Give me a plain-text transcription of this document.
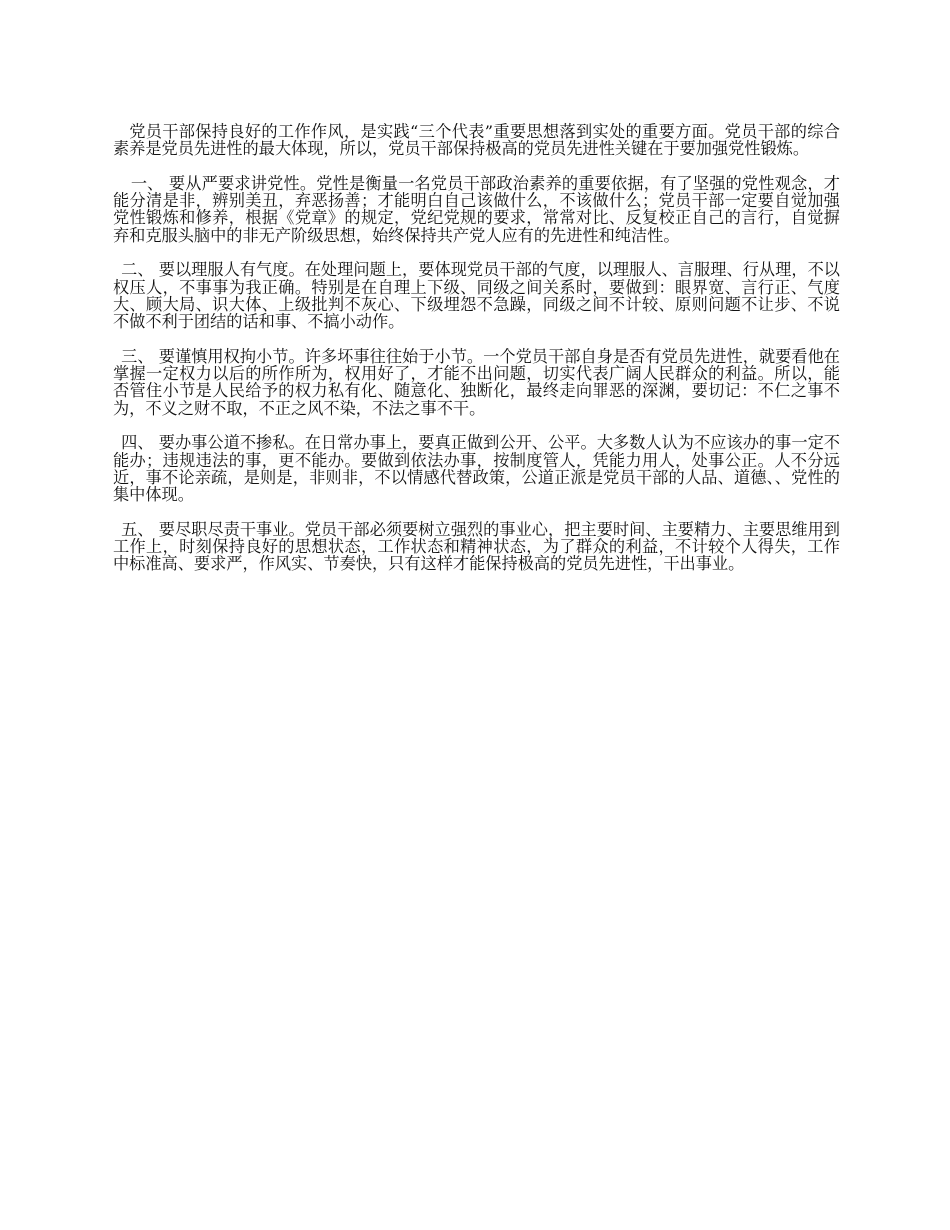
党员干部保持良好的工作作风，是实践“三个代表”重要思想落到实处的重要方面。党员干部的综合素养是党员先进性的最大体现，所以，党员干部保持极高的党员先进性关键在于要加强党性锻炼。

一、 要从严要求讲党性。党性是衡量一名党员干部政治素养的重要依据，有了坚强的党性观念，才能分清是非，辨别美丑，弃恶扬善；才能明白自己该做什么，不该做什么；党员干部一定要自觉加强党性锻炼和修养，根据《党章》的规定，党纪党规的要求，常常对比、反复校正自己的言行，自觉摒弃和克服头脑中的非无产阶级思想，始终保持共产党人应有的先进性和纯洁性。

二、 要以理服人有气度。在处理问题上，要体现党员干部的气度，以理服人、言服理、行从理，不以权压人，不事事为我正确。特别是在自理上下级、同级之间关系时，要做到：眼界宽、言行正、气度大、顾大局、识大体、上级批判不灰心、下级埋怨不急躁，同级之间不计较、原则问题不让步、不说不做不利于团结的话和事、不搞小动作。

三、 要谨慎用权拘小节。许多坏事往往始于小节。一个党员干部自身是否有党员先进性，就要看他在掌握一定权力以后的所作所为，权用好了，才能不出问题，切实代表广阔人民群众的利益。所以，能否管住小节是人民给予的权力私有化、随意化、独断化，最终走向罪恶的深渊，要切记：不仁之事不为，不义之财不取，不正之风不染，不法之事不干。

四、 要办事公道不掺私。在日常办事上，要真正做到公开、公平。大多数人认为不应该办的事一定不能办；违规违法的事，更不能办。要做到依法办事，按制度管人，凭能力用人，处事公正。人不分远近，事不论亲疏，是则是，非则非，不以情感代替政策，公道正派是党员干部的人品、道德、、党性的集中体现。

五、 要尽职尽责干事业。党员干部必须要树立强烈的事业心，把主要时间、主要精力、主要思维用到工作上，时刻保持良好的思想状态，工作状态和精神状态，为了群众的利益，不计较个人得失，工作中标准高、要求严，作风实、节奏快，只有这样才能保持极高的党员先进性，干出事业。
